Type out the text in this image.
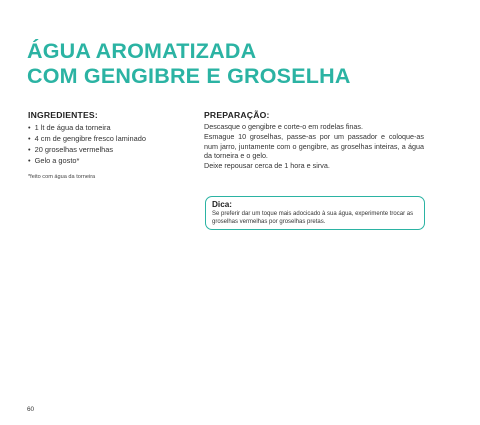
ÁGUA AROMATIZADA
COM GENGIBRE E GROSELHA
INGREDIENTES:
• 1 lt de água da torneira
• 4 cm de gengibre fresco laminado
• 20 groselhas vermelhas
• Gelo a gosto*
*feito com água da torneira
PREPARAÇÃO:

Descasque o gengibre e corte-o em rodelas finas.

Esmague 10 groselhas, passe-as por um passador e coloque-as num jarro, juntamente com o gengibre, as groselhas inteiras, a água da torneira e o gelo.

Deixe repousar cerca de 1 hora e sirva.

Dica:
Se preferir dar um toque mais adocicado à sua água, experimente trocar as groselhas vermelhas por groselhas pretas.
60
